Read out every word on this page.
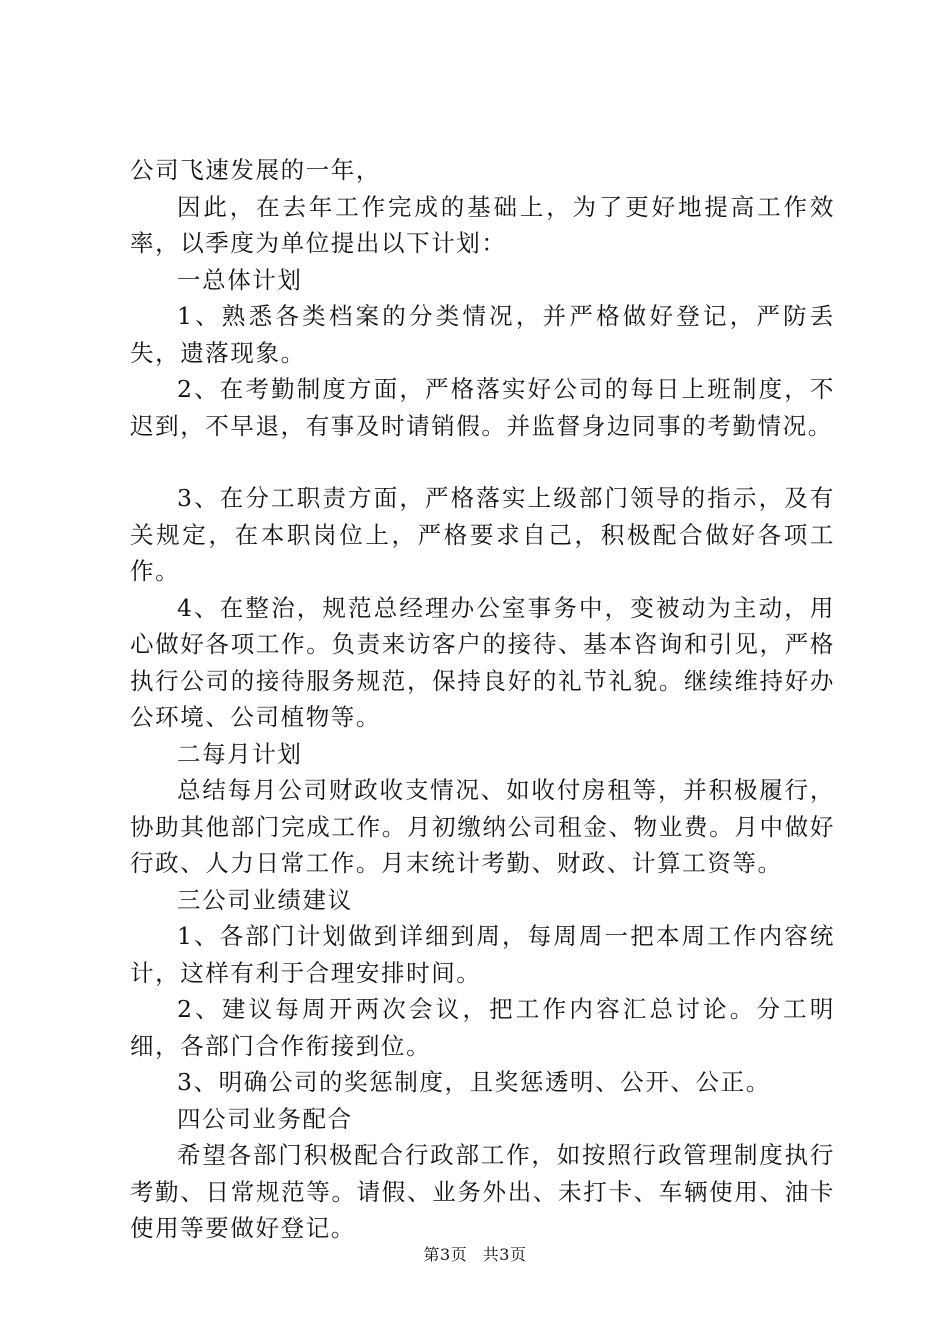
公司飞速发展的一年，

因此，在去年工作完成的基础上，为了更好地提高工作效率，以季度为单位提出以下计划：

一总体计划

1、熟悉各类档案的分类情况，并严格做好登记，严防丢失，遗落现象。

2、在考勤制度方面，严格落实好公司的每日上班制度，不迟到，不早退，有事及时请销假。并监督身边同事的考勤情况。

3、在分工职责方面，严格落实上级部门领导的指示，及有关规定，在本职岗位上，严格要求自己，积极配合做好各项工作。

4、在整治，规范总经理办公室事务中，变被动为主动，用心做好各项工作。负责来访客户的接待、基本咨询和引见，严格执行公司的接待服务规范，保持良好的礼节礼貌。继续维持好办公环境、公司植物等。

二每月计划

总结每月公司财政收支情况、如收付房租等，并积极履行，协助其他部门完成工作。月初缴纳公司租金、物业费。月中做好行政、人力日常工作。月末统计考勤、财政、计算工资等。

三公司业绩建议

1、各部门计划做到详细到周，每周周一把本周工作内容统计，这样有利于合理安排时间。

2、建议每周开两次会议，把工作内容汇总讨论。分工明细，各部门合作衔接到位。

3、明确公司的奖惩制度，且奖惩透明、公开、公正。

四公司业务配合

希望各部门积极配合行政部工作，如按照行政管理制度执行考勤、日常规范等。请假、业务外出、未打卡、车辆使用、油卡使用等要做好登记。

第3页 共3页
